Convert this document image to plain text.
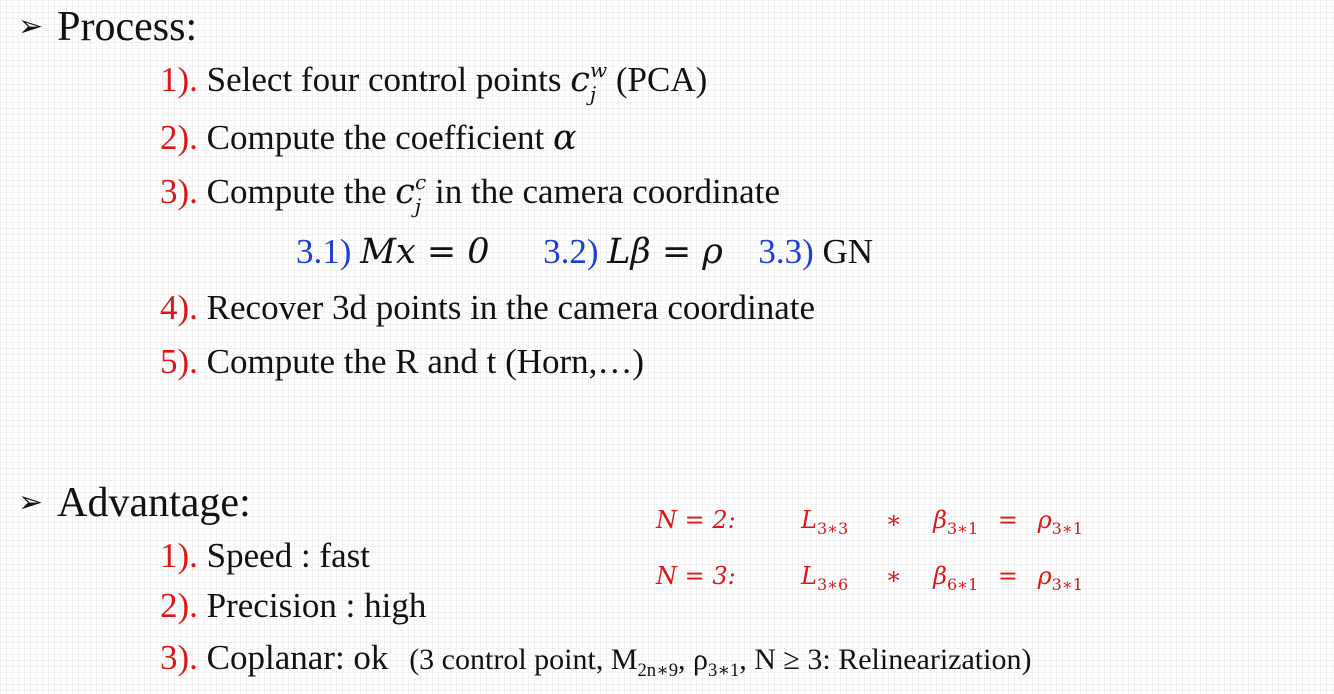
➢ Process:
1). Select four control points $c_j^w$ (PCA)
2). Compute the coefficient α
3). Compute the $c_j^c$ in the camera coordinate
3.1) Mx = 0 3.2) Lβ = ρ 3.3) GN
4). Recover 3d points in the camera coordinate
5). Compute the R and t (Horn,…)
➢ Advantage:	N = 2:	$L_{3∗3}$ ∗ $\beta_{3∗1} = \rho_{3∗1}$
N = 3:	$L_{3∗6}$ ∗ $\beta_{6∗1} = \rho_{3∗1}$
1). Speed : fast
2). Precision : high
3). Coplanar: ok (3 control point, $M_{2n∗9}$, $\rho_{3∗1}$, N ≥ 3: Relinearization)
